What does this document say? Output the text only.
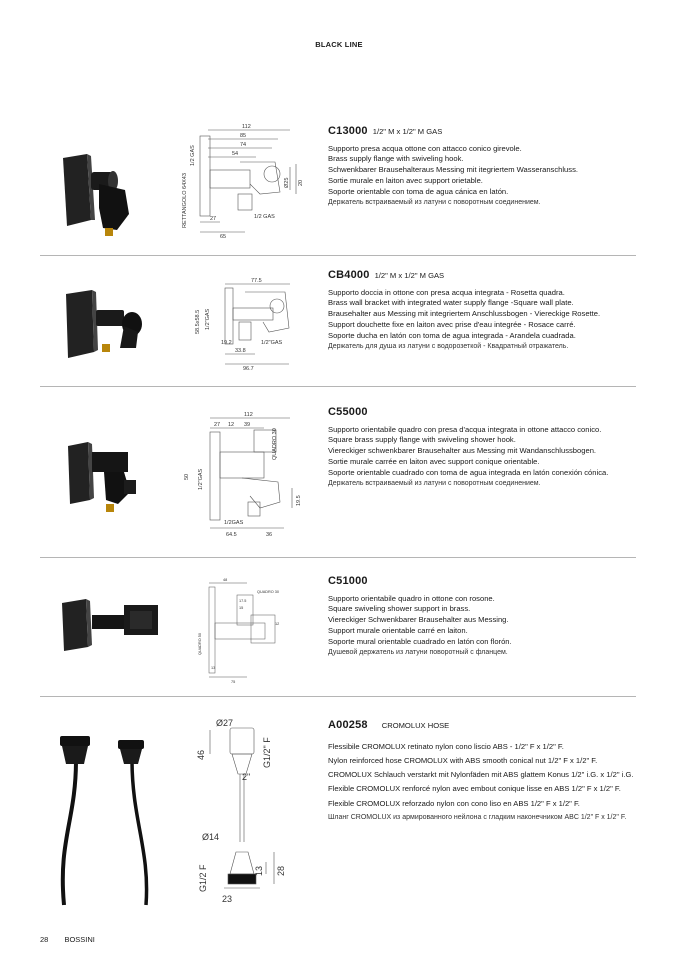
BLACK LINE
112
85
74
54
1/2 GAS
RETTANGOLO 64X43	Ø25 20
27	1/2 GAS
65
C13000 1/2" M x 1/2" M GAS

Supporto presa acqua ottone con attacco conico girevole.

Brass supply flange with swiveling hook.

Schwenkbarer Brausehalteraus Messing mit itegriertem Wasseranschluss.

Sortie murale en laiton avec support orietable.

Soporte orientable con toma de agua cánica en latón.

Держатель встраиваемый из латуни с поворотным соединением.

77.5
58.5x58.5 1/2"GAS
19.2	1/2"GAS
33.8
96.7
CB4000 1/2" M x 1/2" M GAS

Supporto doccia in ottone con presa acqua integrata - Rosetta quadra.

Brass wall bracket with integrated water supply flange -Square wall plate.

Brausehalter aus Messing mit integriertem Anschlussbogen - Viereckige Rosette.

Support douchette fixe en laiton avec prise d'eau integrée - Rosace carré.

Soporte ducha en latón con toma de agua integrada - Arandela cuadrada.

Держатель для душа из латуни с водорозеткой - Квадратный отражатель.

112
27 12 39
QUADRO 30
50 1/2"GAS
19.5
1/2GAS
64.5	36
C55000

Supporto orientabile quadro con presa d'acqua integrata in ottone attacco conico.

Square brass supply flange with swiveling shower hook.

Viereckiger schwenkbarer Brausehalter aus Messing mit Wandanschlussbogen.

Sortie murale carrée en laiton avec support conique orientable.

Soporte orientable cuadrado con toma de agua integrada en latón conexión cónica.

Держатель встраиваемый из латуни с поворотным соединением.

48
QUADRO 30
17.5
15
12
QUADRO 50
13
75
C51000

Supporto orientabile quadro in ottone con rosone.

Square swiveling shower support in brass.

Viereckiger Schwenkbarer Brausehalter aus Messing.

Support murale orientable carré en laiton.

Soporte mural orientable cuadrado en latón con florón.

Душевой держатель из латуни поворотный с фланцем.

Ø27
46	G1/2" F
2"
Ø14
13 28
G1/2 F
23
A00258 CROMOLUX HOSE

Flessibile CROMOLUX retinato nylon cono liscio ABS - 1/2" F x 1/2" F.

Nylon reinforced hose CROMOLUX with ABS smooth conical nut 1/2" F x 1/2" F.

CROMOLUX Schlauch verstarkt mit Nylonfäden mit ABS glattem Konus 1/2" i.G. x 1/2" i.G.

Flexible CROMOLUX renforcé nylon avec embout conique lisse en ABS 1/2" F x 1/2" F.

Flexible CROMOLUX reforzado nylon con cono liso en ABS 1/2" F x 1/2" F.

Шланг CROMOLUX из армированного нейлона с гладким наконечником ABC 1/2" F x 1/2" F.

28 BOSSINI
